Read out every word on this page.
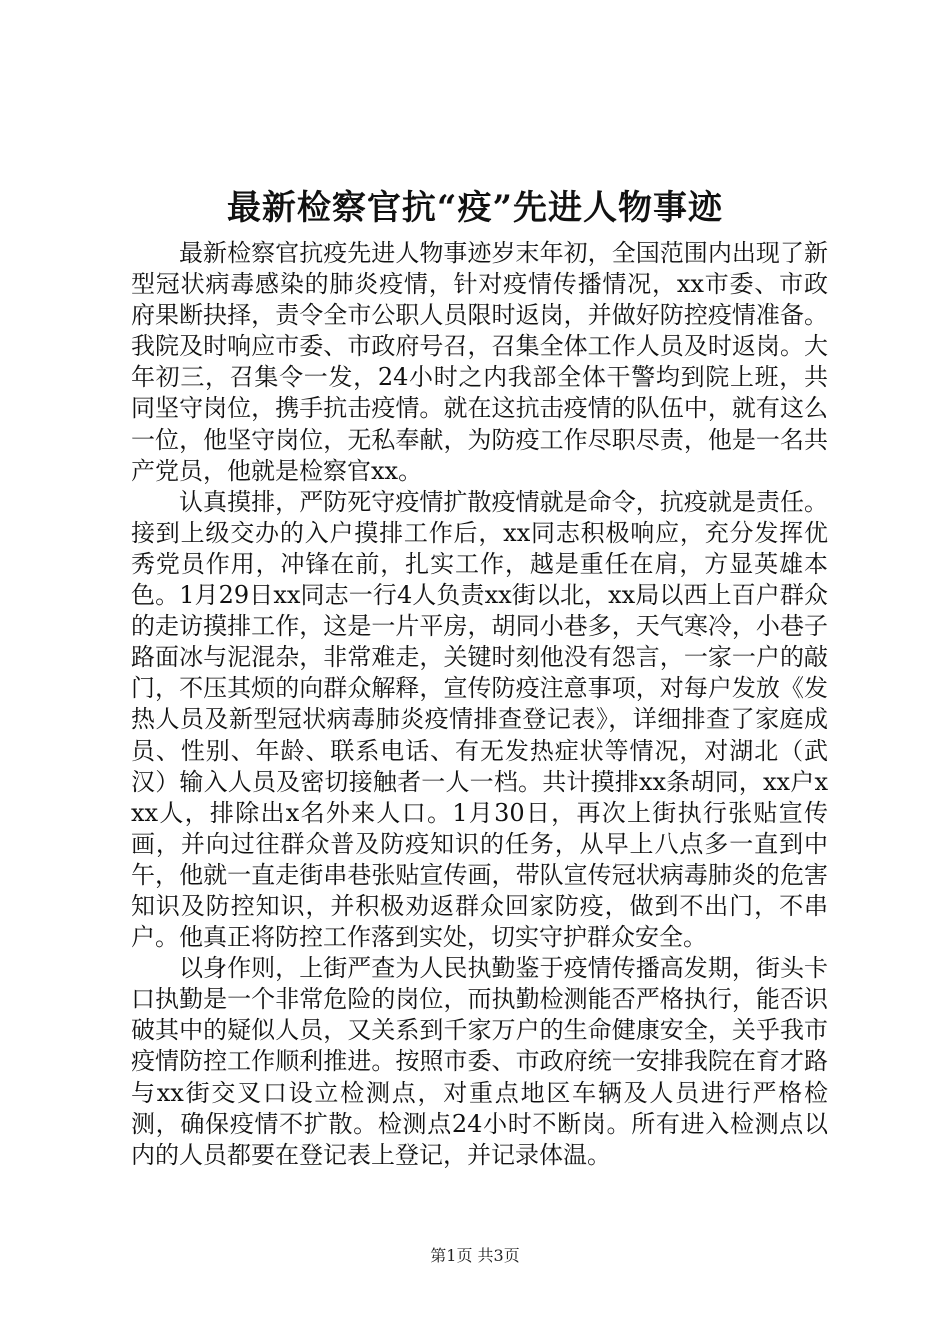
最新检察官抗“疫”先进人物事迹

最新检察官抗疫先进人物事迹岁末年初，全国范围内出现了新型冠状病毒感染的肺炎疫情，针对疫情传播情况，xx市委、市政府果断抉择，责令全市公职人员限时返岗，并做好防控疫情准备。我院及时响应市委、市政府号召，召集全体工作人员及时返岗。大年初三，召集令一发，24小时之内我部全体干警均到院上班，共同坚守岗位，携手抗击疫情。就在这抗击疫情的队伍中，就有这么一位，他坚守岗位，无私奉献，为防疫工作尽职尽责，他是一名共产党员，他就是检察官xx。

认真摸排，严防死守疫情扩散疫情就是命令，抗疫就是责任。接到上级交办的入户摸排工作后，xx同志积极响应，充分发挥优秀党员作用，冲锋在前，扎实工作，越是重任在肩，方显英雄本色。1月29日xx同志一行4人负责xx街以北，xx局以西上百户群众的走访摸排工作，这是一片平房，胡同小巷多，天气寒冷，小巷子路面冰与泥混杂，非常难走，关键时刻他没有怨言，一家一户的敲门，不压其烦的向群众解释，宣传防疫注意事项，对每户发放《发热人员及新型冠状病毒肺炎疫情排查登记表》，详细排查了家庭成员、性别、年龄、联系电话、有无发热症状等情况，对湖北（武汉）输入人员及密切接触者一人一档。共计摸排xx条胡同，xx户xxx人，排除出x名外来人口。1月30日，再次上街执行张贴宣传画，并向过往群众普及防疫知识的任务，从早上八点多一直到中午，他就一直走街串巷张贴宣传画，带队宣传冠状病毒肺炎的危害知识及防控知识，并积极劝返群众回家防疫，做到不出门，不串户。他真正将防控工作落到实处，切实守护群众安全。

以身作则，上街严查为人民执勤鉴于疫情传播高发期，街头卡口执勤是一个非常危险的岗位，而执勤检测能否严格执行，能否识破其中的疑似人员，又关系到千家万户的生命健康安全，关乎我市疫情防控工作顺利推进。按照市委、市政府统一安排我院在育才路与xx街交叉口设立检测点，对重点地区车辆及人员进行严格检测，确保疫情不扩散。检测点24小时不断岗。所有进入检测点以内的人员都要在登记表上登记，并记录体温。

第1页 共3页
